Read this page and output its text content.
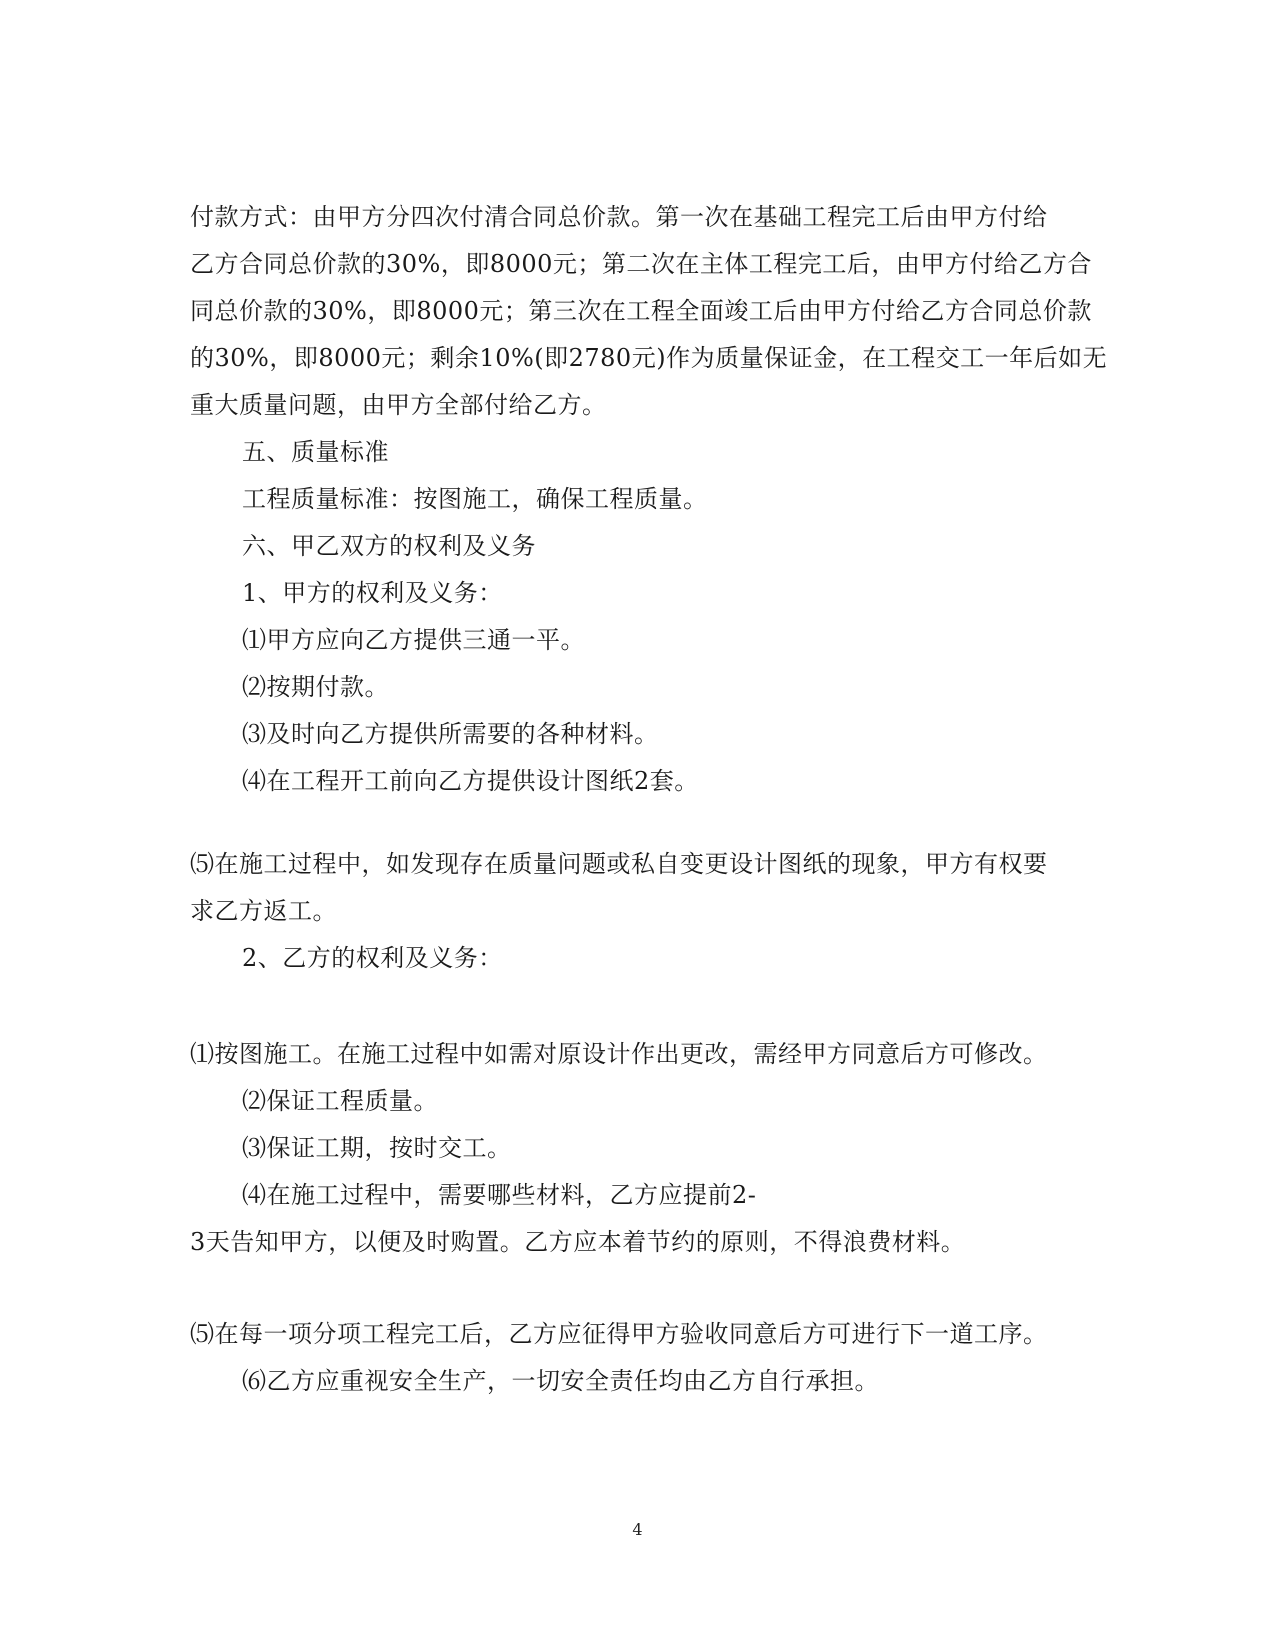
付款方式：由甲方分四次付清合同总价款。第一次在基础工程完工后由甲方付给
乙方合同总价款的30%，即8000元；第二次在主体工程完工后，由甲方付给乙方合
同总价款的30%，即8000元；第三次在工程全面竣工后由甲方付给乙方合同总价款
的30%，即8000元；剩余10%(即2780元)作为质量保证金，在工程交工一年后如无
重大质量问题，由甲方全部付给乙方。
五、质量标准
工程质量标准：按图施工，确保工程质量。
六、甲乙双方的权利及义务
1、甲方的权利及义务：
⑴甲方应向乙方提供三通一平。
⑵按期付款。
⑶及时向乙方提供所需要的各种材料。
⑷在工程开工前向乙方提供设计图纸2套。
⑸在施工过程中，如发现存在质量问题或私自变更设计图纸的现象，甲方有权要
求乙方返工。
2、乙方的权利及义务：
⑴按图施工。在施工过程中如需对原设计作出更改，需经甲方同意后方可修改。
⑵保证工程质量。
⑶保证工期，按时交工。
⑷在施工过程中，需要哪些材料，乙方应提前2-
3天告知甲方，以便及时购置。乙方应本着节约的原则，不得浪费材料。
⑸在每一项分项工程完工后，乙方应征得甲方验收同意后方可进行下一道工序。
⑹乙方应重视安全生产，一切安全责任均由乙方自行承担。
4
